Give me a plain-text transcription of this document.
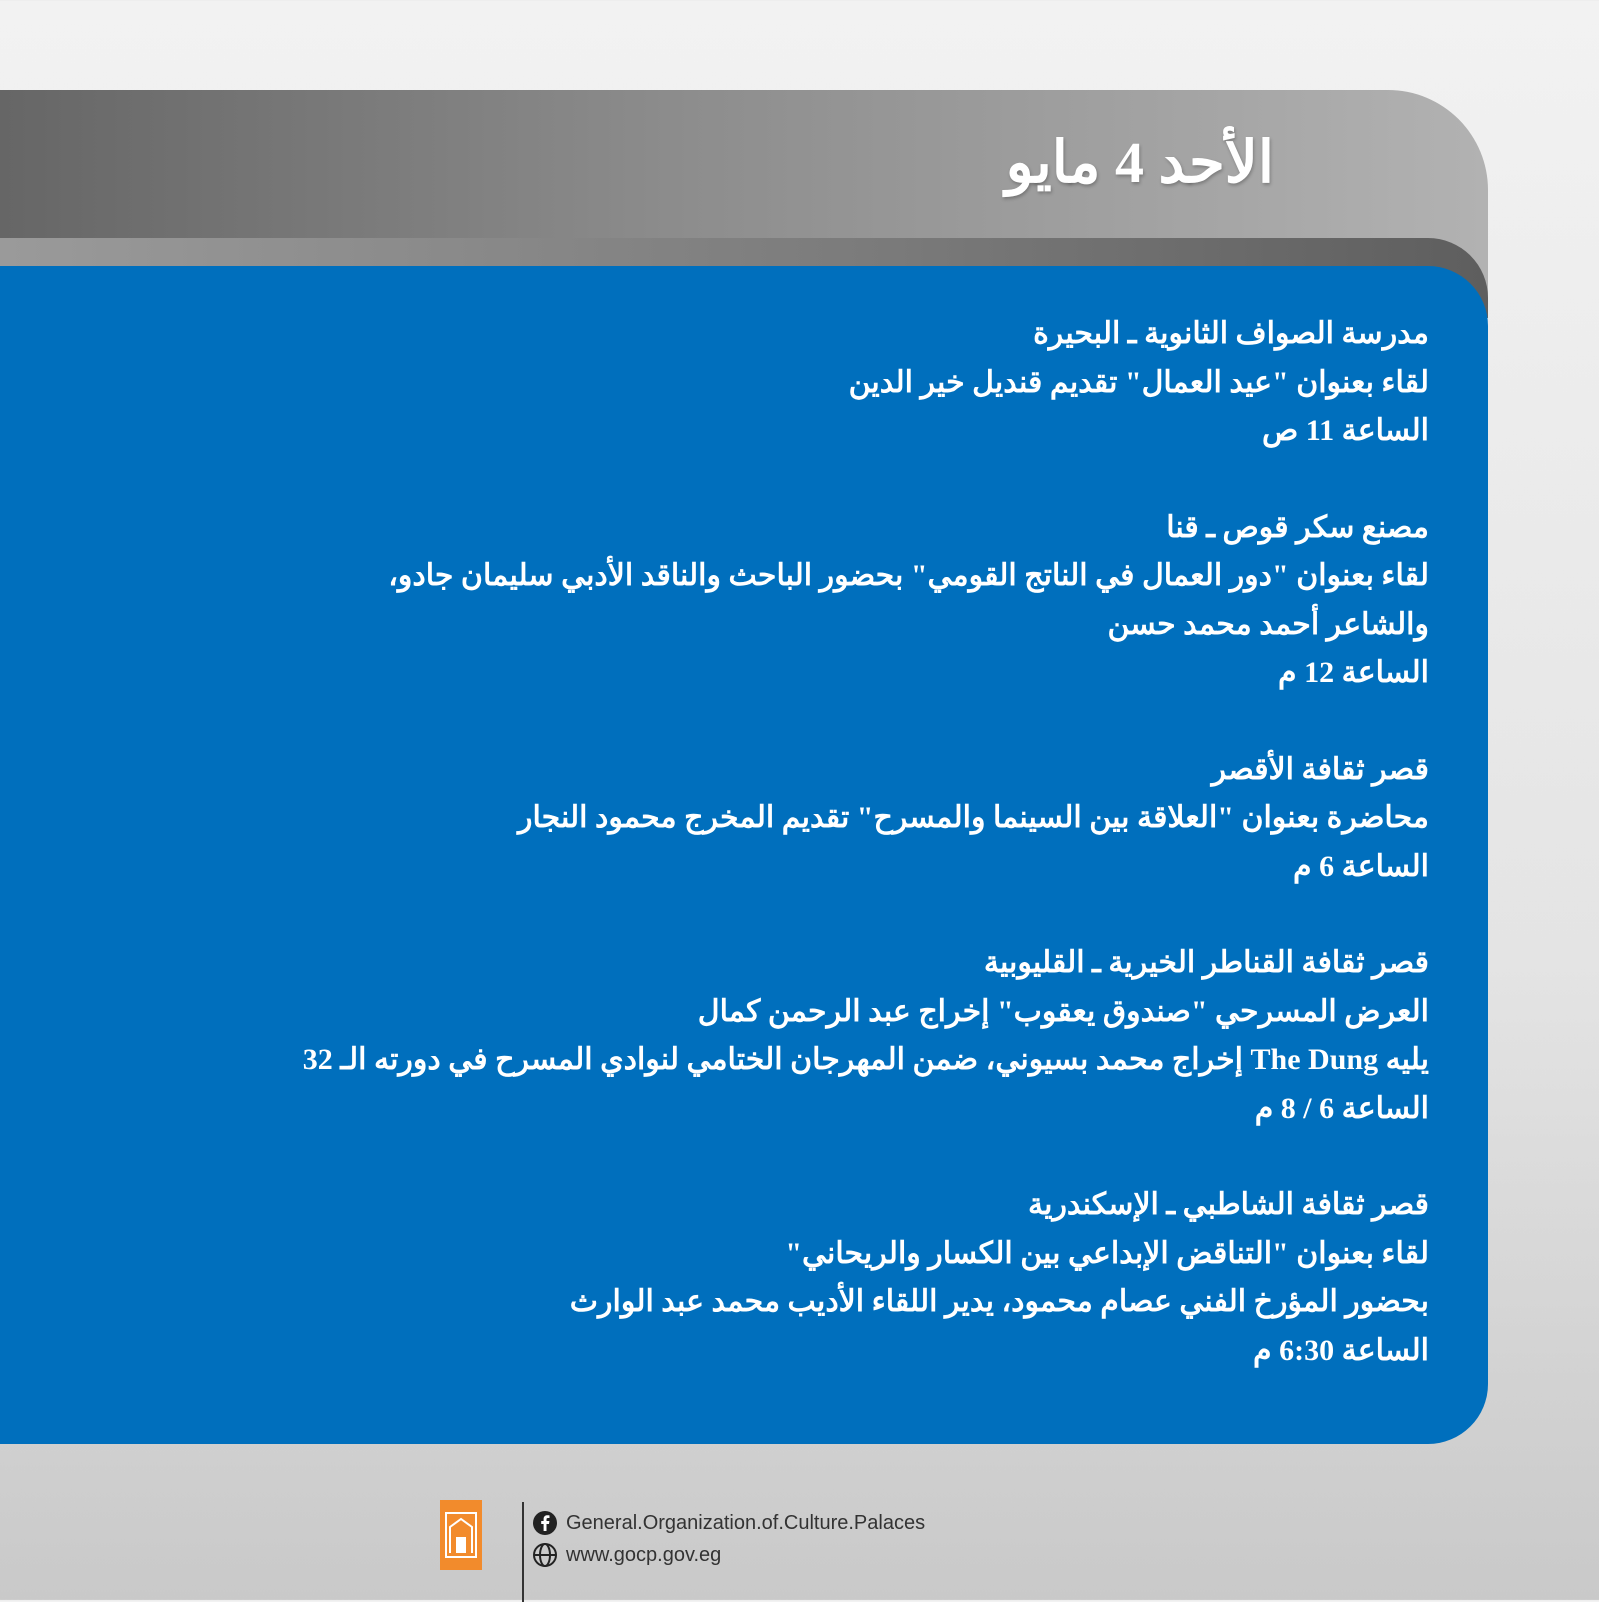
الأحد 4 مايو
مدرسة الصواف الثانوية ـ البحيرة
لقاء بعنوان "عيد العمال" تقديم قنديل خير الدين
الساعة 11 ص
مصنع سكر قوص ـ قنا
لقاء بعنوان "دور العمال في الناتج القومي" بحضور الباحث والناقد الأدبي سليمان جادو،
والشاعر أحمد محمد حسن
الساعة 12 م
قصر ثقافة الأقصر
محاضرة بعنوان "العلاقة بين السينما والمسرح" تقديم المخرج محمود النجار
الساعة 6 م
قصر ثقافة القناطر الخيرية ـ القليوبية
العرض المسرحي "صندوق يعقوب" إخراج عبد الرحمن كمال
يليه The Dung إخراج محمد بسيوني، ضمن المهرجان الختامي لنوادي المسرح في دورته الـ 32
الساعة 6 / 8 م
قصر ثقافة الشاطبي ـ الإسكندرية
لقاء بعنوان "التناقض الإبداعي بين الكسار والريحاني"
بحضور المؤرخ الفني عصام محمود، يدير اللقاء الأديب محمد عبد الوارث
الساعة 6:30 م
General.Organization.of.Culture.Palaces
www.gocp.gov.eg
